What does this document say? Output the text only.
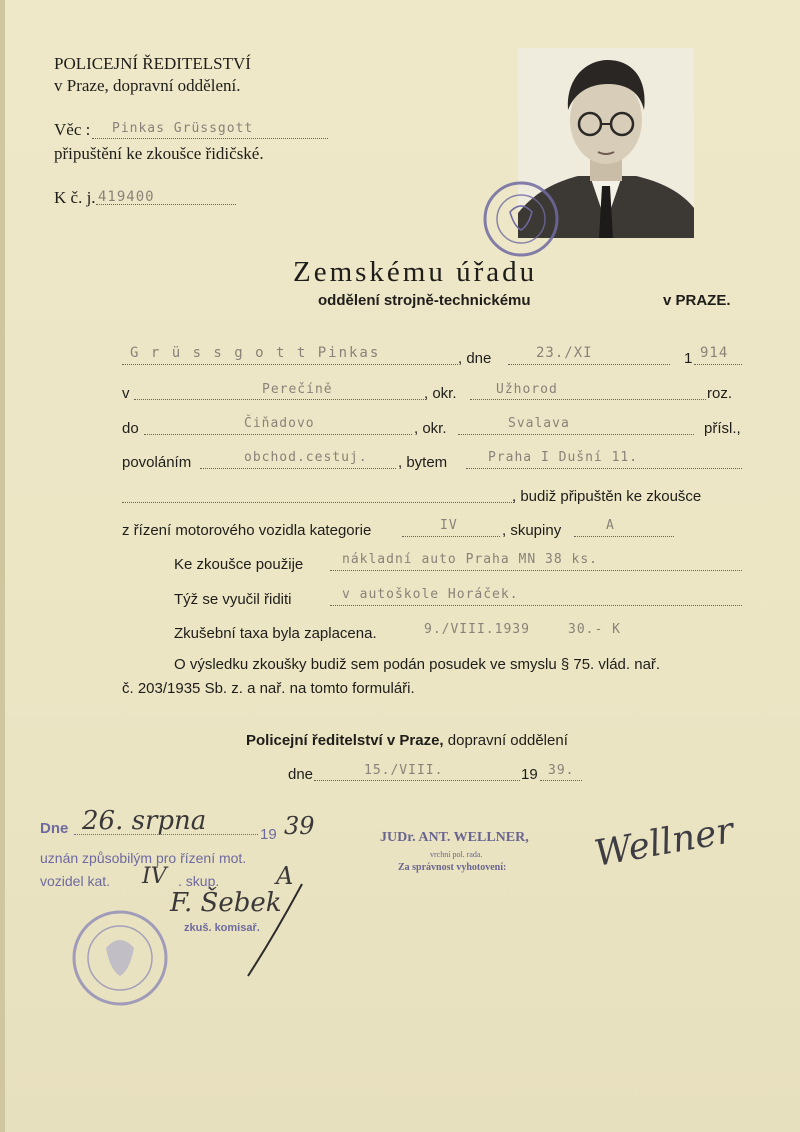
POLICEJNÍ ŘEDITELSTVÍ
v Praze, dopravní oddělení.
Věc : Pinkas Grüssgott
připuštění ke zkoušce řidičské.
K č. j. 419400
Zemskému úřadu
oddělení strojně-technickému	v PRAZE.
G r ü s s g o t t Pinkas	, dne	23./XI	1 914
v	Perečíně	, okr.	Užhorod	roz.
do	Čiňadovo	, okr.	Svalava	přísl.,
povoláním	obchod.cestuj. , bytem	Praha I Dušní 11.
, budiž připuštěn ke zkoušce
z řízení motorového vozidla kategorie	IV	, skupiny	A
Ke zkoušce použije	nákladní auto Praha MN 38 ks.
Týž se vyučil řiditi	v autoškole Horáček.
Zkušební taxa byla zaplacena.	9./VIII.1939	30.- K
O výsledku zkoušky budiž sem podán posudek ve smyslu § 75. vlád. nař.
č. 203/1935 Sb. z. a nař. na tomto formuláři.
Policejní ředitelství v Praze, dopravní oddělení
dne	15./VIII.	19 39.
Dne 26. srpna	19 39
uznán způsobilým pro řízení mot.
vozidel kat. IV . skup. A
F. Šebek
zkuš. komisař.
JUDr. ANT. WELLNER,
vrchní pol. rada.
Za správnost vyhotovení: Wellner
